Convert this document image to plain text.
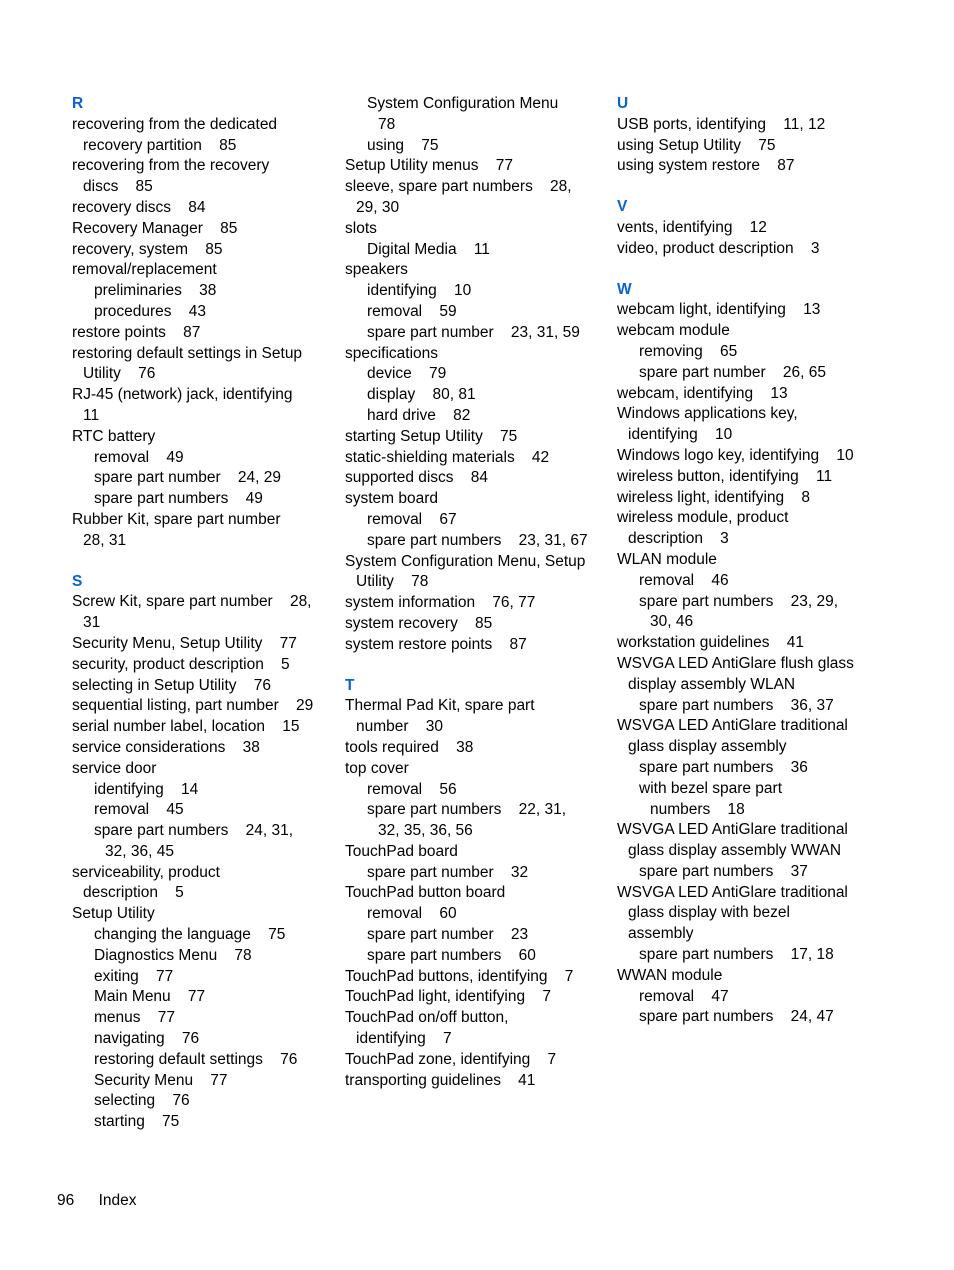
R
recovering from the dedicated
recovery partition    85
recovering from the recovery
discs    85
recovery discs    84
Recovery Manager    85
recovery, system    85
removal/replacement
preliminaries    38
procedures    43
restore points    87
restoring default settings in Setup
Utility    76
RJ-45 (network) jack, identifying
11
RTC battery
removal    49
spare part number    24, 29
spare part numbers    49
Rubber Kit, spare part number
28, 31
S
Screw Kit, spare part number    28,
31
Security Menu, Setup Utility    77
security, product description    5
selecting in Setup Utility    76
sequential listing, part number    29
serial number label, location    15
service considerations    38
service door
identifying    14
removal    45
spare part numbers    24, 31,
32, 36, 45
serviceability, product
description    5
Setup Utility
changing the language    75
Diagnostics Menu    78
exiting    77
Main Menu    77
menus    77
navigating    76
restoring default settings    76
Security Menu    77
selecting    76
starting    75
System Configuration Menu
78
using    75
Setup Utility menus    77
sleeve, spare part numbers    28,
29, 30
slots
Digital Media    11
speakers
identifying    10
removal    59
spare part number    23, 31, 59
specifications
device    79
display    80, 81
hard drive    82
starting Setup Utility    75
static-shielding materials    42
supported discs    84
system board
removal    67
spare part numbers    23, 31, 67
System Configuration Menu, Setup
Utility    78
system information    76, 77
system recovery    85
system restore points    87
T
Thermal Pad Kit, spare part
number    30
tools required    38
top cover
removal    56
spare part numbers    22, 31,
32, 35, 36, 56
TouchPad board
spare part number    32
TouchPad button board
removal    60
spare part number    23
spare part numbers    60
TouchPad buttons, identifying    7
TouchPad light, identifying    7
TouchPad on/off button,
identifying    7
TouchPad zone, identifying    7
transporting guidelines    41
U
USB ports, identifying    11, 12
using Setup Utility    75
using system restore    87
V
vents, identifying    12
video, product description    3
W
webcam light, identifying    13
webcam module
removing    65
spare part number    26, 65
webcam, identifying    13
Windows applications key,
identifying    10
Windows logo key, identifying    10
wireless button, identifying    11
wireless light, identifying    8
wireless module, product
description    3
WLAN module
removal    46
spare part numbers    23, 29,
30, 46
workstation guidelines    41
WSVGA LED AntiGlare flush glass
display assembly WLAN
spare part numbers    36, 37
WSVGA LED AntiGlare traditional
glass display assembly
spare part numbers    36
with bezel spare part
numbers    18
WSVGA LED AntiGlare traditional
glass display assembly WWAN
spare part numbers    37
WSVGA LED AntiGlare traditional
glass display with bezel
assembly
spare part numbers    17, 18
WWAN module
removal    47
spare part numbers    24, 47
96 Index
